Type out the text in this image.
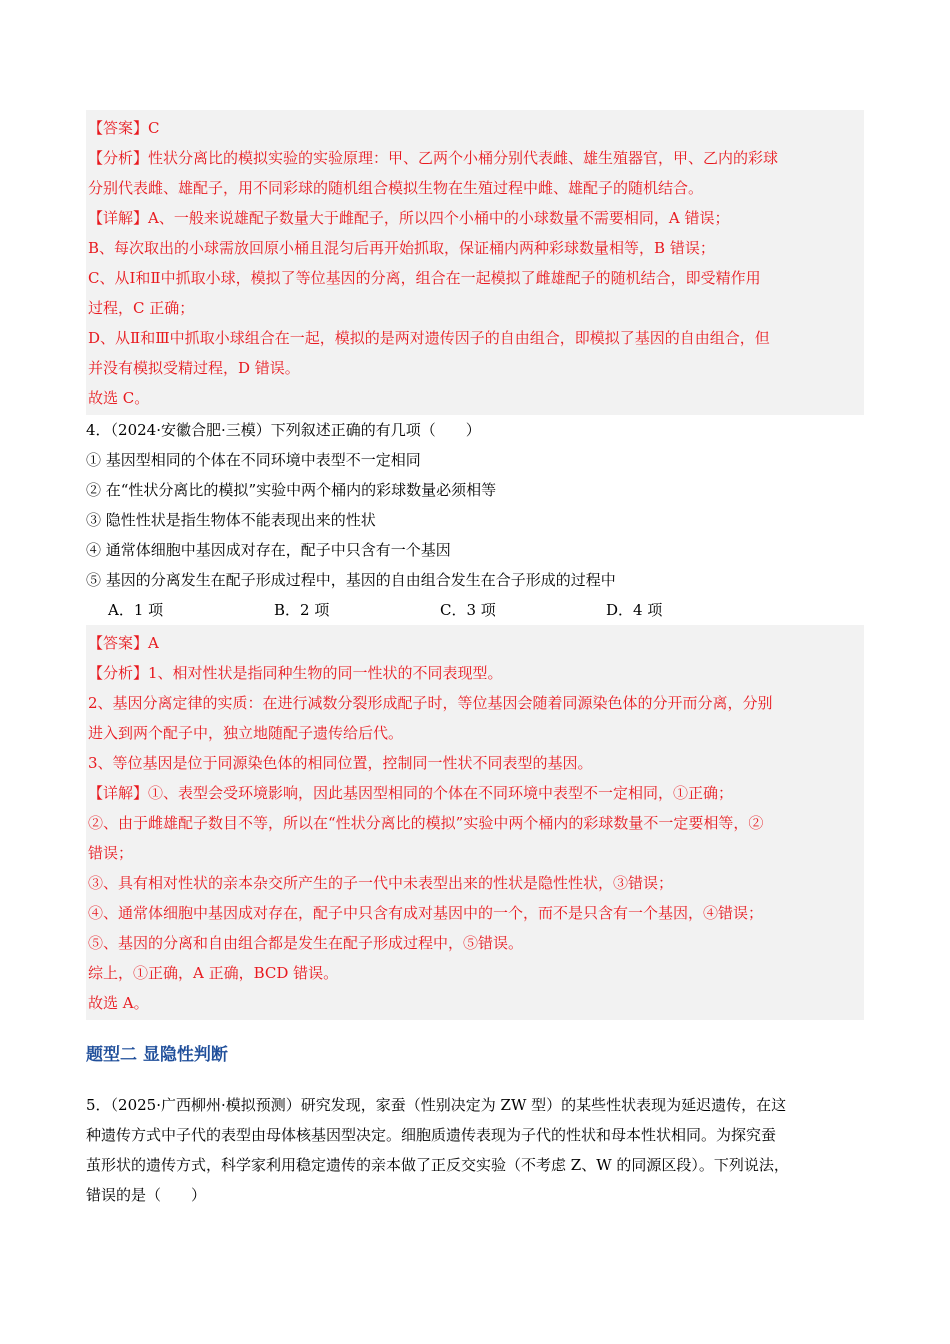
【答案】C
【分析】性状分离比的模拟实验的实验原理：甲、乙两个小桶分别代表雌、雄生殖器官，甲、乙内的彩球
分别代表雌、雄配子，用不同彩球的随机组合模拟生物在生殖过程中雌、雄配子的随机结合。
【详解】A、一般来说雄配子数量大于雌配子，所以四个小桶中的小球数量不需要相同，A 错误；
B、每次取出的小球需放回原小桶且混匀后再开始抓取，保证桶内两种彩球数量相等，B 错误；
C、从Ⅰ和Ⅱ中抓取小球，模拟了等位基因的分离，组合在一起模拟了雌雄配子的随机结合，即受精作用
过程，C 正确；
D、从Ⅱ和Ⅲ中抓取小球组合在一起，模拟的是两对遗传因子的自由组合，即模拟了基因的自由组合，但
并没有模拟受精过程，D 错误。
故选 C。
4．（2024·安徽合肥·三模）下列叙述正确的有几项（　　）
① 基因型相同的个体在不同环境中表型不一定相同
② 在“性状分离比的模拟”实验中两个桶内的彩球数量必须相等
③ 隐性性状是指生物体不能表现出来的性状
④ 通常体细胞中基因成对存在，配子中只含有一个基因
⑤ 基因的分离发生在配子形成过程中，基因的自由组合发生在合子形成的过程中
A．1 项	B．2 项	C．3 项	D．4 项
【答案】A
【分析】1、相对性状是指同种生物的同一性状的不同表现型。
2、基因分离定律的实质：在进行减数分裂形成配子时，等位基因会随着同源染色体的分开而分离，分别
进入到两个配子中，独立地随配子遗传给后代。
3、等位基因是位于同源染色体的相同位置，控制同一性状不同表型的基因。
【详解】①、表型会受环境影响，因此基因型相同的个体在不同环境中表型不一定相同，①正确；
②、由于雌雄配子数目不等，所以在“性状分离比的模拟”实验中两个桶内的彩球数量不一定要相等，②
错误；
③、具有相对性状的亲本杂交所产生的子一代中未表型出来的性状是隐性性状，③错误；
④、通常体细胞中基因成对存在，配子中只含有成对基因中的一个，而不是只含有一个基因，④错误；
⑤、基因的分离和自由组合都是发生在配子形成过程中，⑤错误。
综上，①正确，A 正确，BCD 错误。
故选 A。
题型二 显隐性判断
5．（2025·广西柳州·模拟预测）研究发现，家蚕（性别决定为 ZW 型）的某些性状表现为延迟遗传，在这
种遗传方式中子代的表型由母体核基因型决定。细胞质遗传表现为子代的性状和母本性状相同。为探究蚕
茧形状的遗传方式，科学家利用稳定遗传的亲本做了正反交实验（不考虑 Z、W 的同源区段）。下列说法，
错误的是（　　）
